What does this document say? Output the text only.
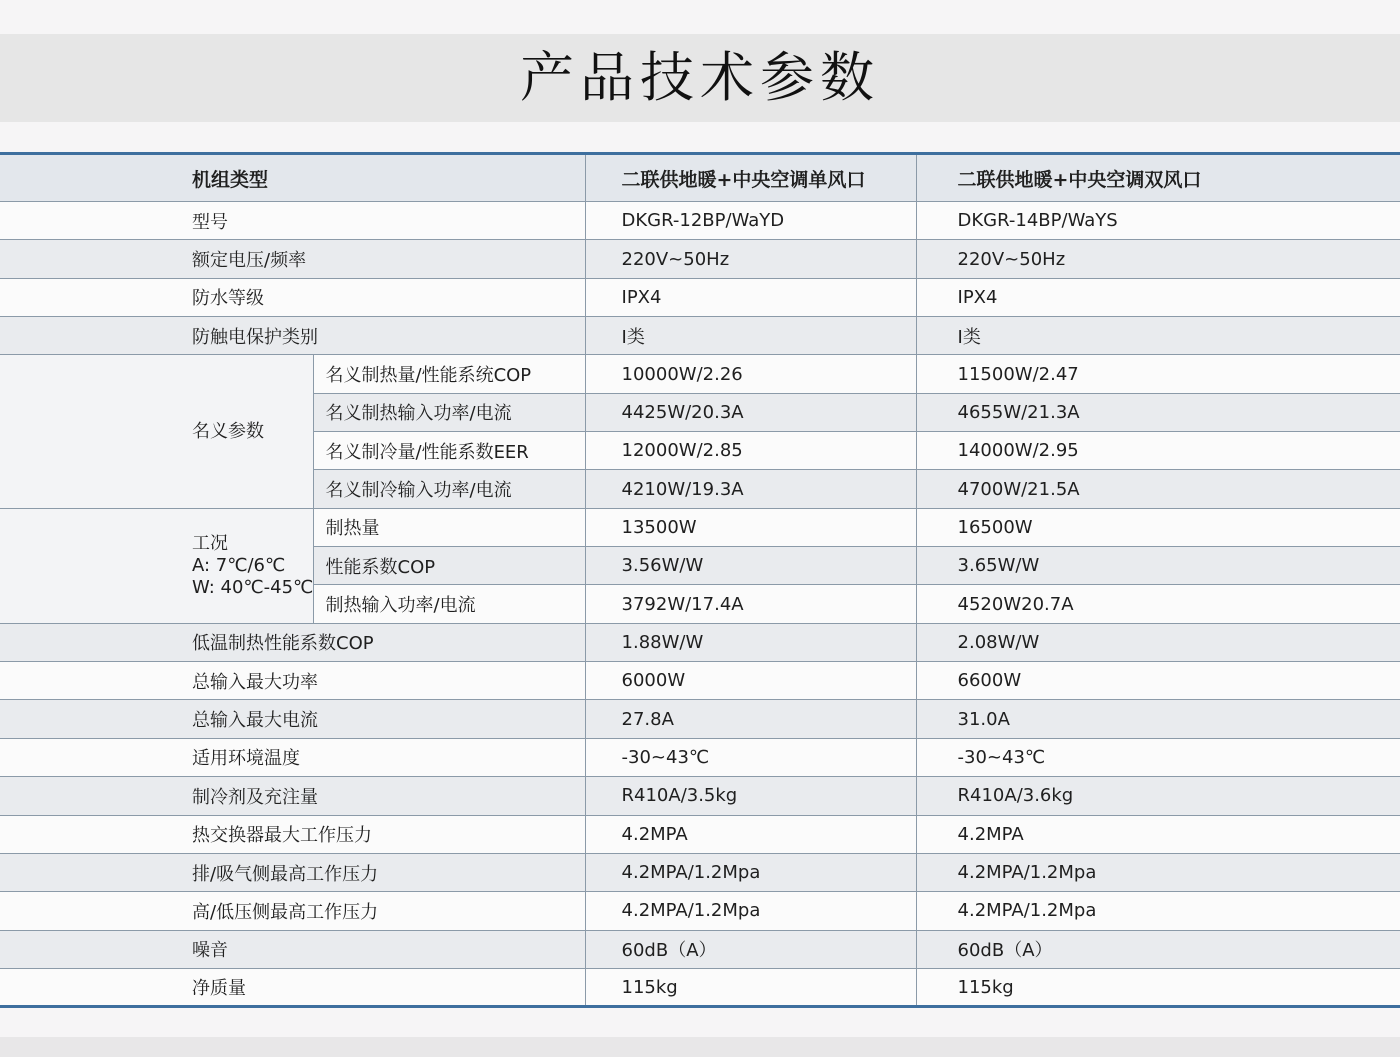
产品技术参数
机组类型		二联供地暖+中央空调单风口	二联供地暖+中央空调双风口
型号		DKGR-12BP/WaYD	DKGR-14BP/WaYS
额定电压/频率		220V~50Hz	220V~50Hz
防水等级		IPX4	IPX4
防触电保护类别		Ⅰ类	Ⅰ类
名义参数	名义制热量/性能系统COP	10000W/2.26	11500W/2.47
	名义制热输入功率/电流	4425W/20.3A	4655W/21.3A
	名义制冷量/性能系数EER	12000W/2.85	14000W/2.95
	名义制冷输入功率/电流	4210W/19.3A	4700W/21.5A

工况
A: 7℃/6℃
W: 40℃-45℃	制热量	13500W	16500W
	性能系数COP	3.56W/W	3.65W/W
	制热输入功率/电流	3792W/17.4A	4520W20.7A
低温制热性能系数COP		1.88W/W	2.08W/W
总输入最大功率		6000W	6600W
总输入最大电流		27.8A	31.0A
适用环境温度		-30~43℃	-30~43℃
制冷剂及充注量		R410A/3.5kg	R410A/3.6kg
热交换器最大工作压力		4.2MPA	4.2MPA
排/吸气侧最高工作压力		4.2MPA/1.2Mpa	4.2MPA/1.2Mpa
高/低压侧最高工作压力		4.2MPA/1.2Mpa	4.2MPA/1.2Mpa
噪音		60dB（A）	60dB（A）
净质量		115kg	115kg
